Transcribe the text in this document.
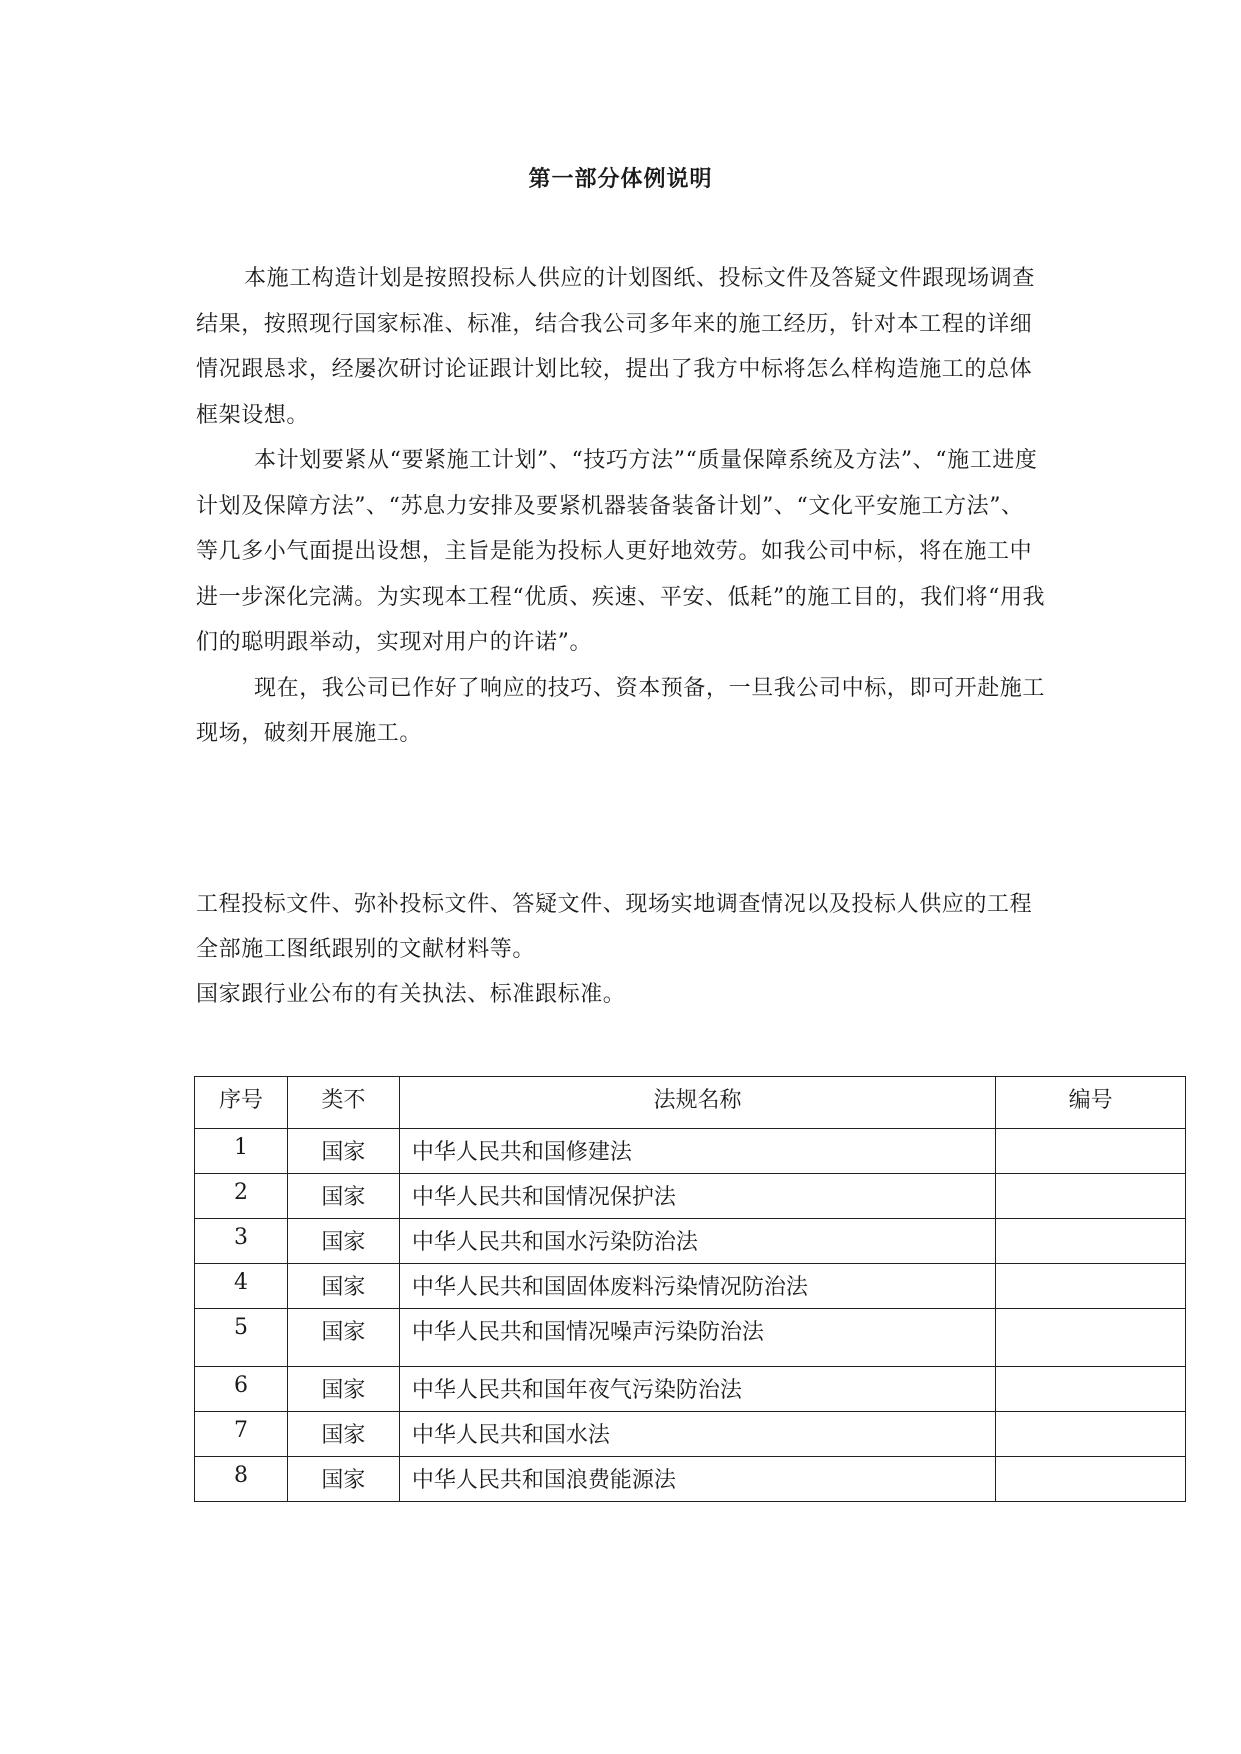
第一部分体例说明

本施工构造计划是按照投标人供应的计划图纸、投标文件及答疑文件跟现场调查结果，按照现行国家标准、标准，结合我公司多年来的施工经历，针对本工程的详细情况跟恳求，经屡次研讨论证跟计划比较，提出了我方中标将怎么样构造施工的总体框架设想。

本计划要紧从“要紧施工计划”、“技巧方法”“质量保障系统及方法”、“施工进度计划及保障方法”、“苏息力安排及要紧机器装备装备计划”、“文化平安施工方法”、等几多小气面提出设想，主旨是能为投标人更好地效劳。如我公司中标，将在施工中进一步深化完满。为实现本工程“优质、疾速、平安、低耗”的施工目的，我们将“用我们的聪明跟举动，实现对用户的许诺”。

现在，我公司已作好了响应的技巧、资本预备，一旦我公司中标，即可开赴施工现场，破刻开展施工。

工程投标文件、弥补投标文件、答疑文件、现场实地调查情况以及投标人供应的工程全部施工图纸跟别的文献材料等。

国家跟行业公布的有关执法、标准跟标准。

序号	类不	法规名称	编号
1	国家	中华人民共和国修建法	
2	国家	中华人民共和国情况保护法	
3	国家	中华人民共和国水污染防治法	
4	国家	中华人民共和国固体废料污染情况防治法	
5	国家	中华人民共和国情况噪声污染防治法	
6	国家	中华人民共和国年夜气污染防治法	
7	国家	中华人民共和国水法	
8	国家	中华人民共和国浪费能源法	
